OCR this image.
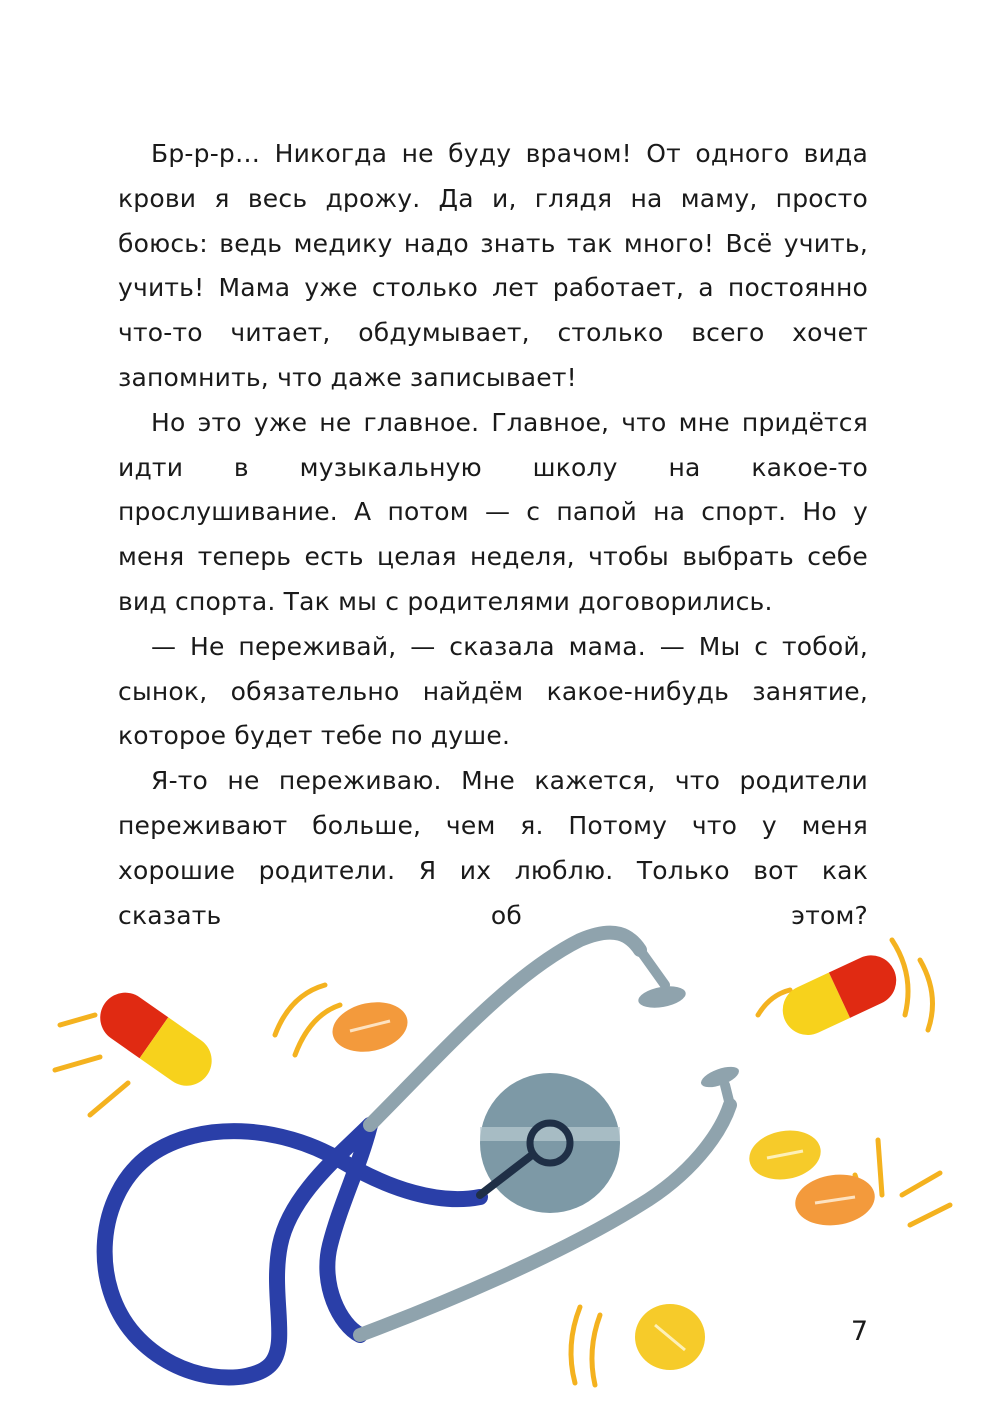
Бр-р-р… Никогда не буду врачом! От одного вида крови я весь дрожу. Да и, глядя на маму, просто боюсь: ведь медику надо знать так много! Всё учить, учить! Мама уже столько лет работает, а постоянно что-то читает, обдумывает, столько всего хочет запомнить, что даже записывает!

Но это уже не главное. Главное, что мне придётся идти в музыкальную школу на какое-то прослушивание. А потом — с папой на спорт. Но у меня теперь есть целая неделя, чтобы выбрать себе вид спорта. Так мы с родителями договорились.

— Не переживай, — сказала мама. — Мы с тобой, сынок, обязательно найдём какое-нибудь занятие, которое будет тебе по душе.

Я-то не переживаю. Мне кажется, что родители переживают больше, чем я. Потому что у меня хорошие родители. Я их люблю. Только вот как сказать об этом?

7
